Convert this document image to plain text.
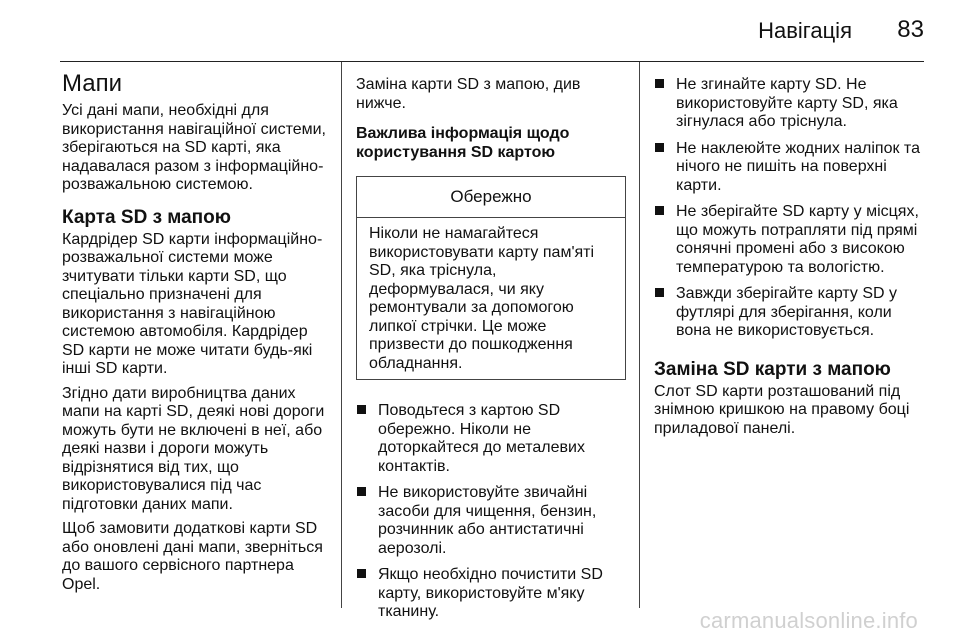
Навігація 83
Мапи

Усі дані мапи, необхідні для використання навігаційної системи, зберігаються на SD карті, яка надавалася разом з інформаційно-розважальною системою.

Карта SD з мапою

Кардрідер SD карти інформаційно-розважальної системи може зчитувати тільки карти SD, що спеціально призначені для використання з навігаційною системою автомобіля. Кардрідер SD карти не може читати будь-які інші SD карти.

Згідно дати виробництва даних мапи на карті SD, деякі нові дороги можуть бути не включені в неї, або деякі назви і дороги можуть відрізнятися від тих, що використовувалися під час підготовки даних мапи.

Щоб замовити додаткові карти SD або оновлені дані мапи, зверніться до вашого сервісного партнера Opel.

Заміна карти SD з мапою, див нижче.

Важлива інформація щодо користування SD картою
Обережно
Ніколи не намагайтеся використовувати карту пам'яті SD, яка тріснула, деформувалася, чи яку ремонтували за допомогою липкої стрічки. Це може призвести до пошкодження обладнання.
Поводьтеся з картою SD обережно. Ніколи не доторкайтеся до металевих контактів.
Не використовуйте звичайні засоби для чищення, бензин, розчинник або антистатичні аерозолі.
Якщо необхідно почистити SD карту, використовуйте м'яку тканину.
Не згинайте карту SD. Не використовуйте карту SD, яка зігнулася або тріснула.
Не наклеюйте жодних наліпок та нічого не пишіть на поверхні карти.
Не зберігайте SD карту у місцях, що можуть потрапляти під прямі сонячні промені або з високою температурою та вологістю.
Завжди зберігайте карту SD у футлярі для зберігання, коли вона не використовується.
Заміна SD карти з мапою

Слот SD карти розташований під знімною кришкою на правому боці приладової панелі.

carmanualsonline.info
